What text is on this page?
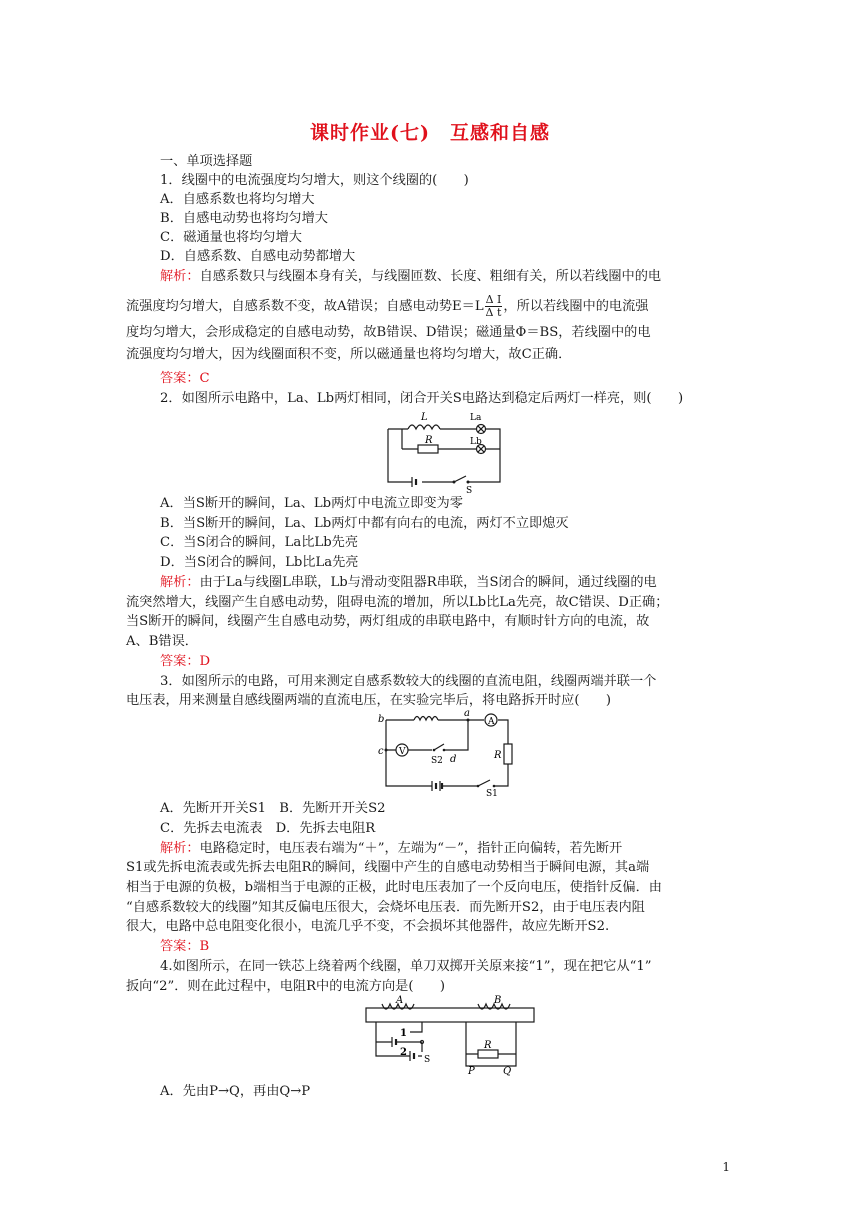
课时作业(七)　互感和自感
一、单项选择题
1．线圈中的电流强度均匀增大，则这个线圈的(　　)
A．自感系数也将均匀增大
B．自感电动势也将均匀增大
C．磁通量也将均匀增大
D．自感系数、自感电动势都增大
解析：自感系数只与线圈本身有关，与线圈匝数、长度、粗细有关，所以若线圈中的电
流强度均匀增大，自感系数不变，故A错误；自感电动势$E=L \frac{\text{Δ I}}{\text{Δ t}}$ ，所以若线圈中的电流强
度均匀增大，会形成稳定的自感电动势，故B错误、D错误；磁通量Φ＝BS，若线圈中的电
流强度均匀增大，因为线圈面积不变，所以磁通量也将均匀增大，故C正确．
答案：C
2．如图所示电路中，La、Lb两灯相同，闭合开关S电路达到稳定后两灯一样亮，则(　　)
L	La
R	Lb
S
A．当S断开的瞬间，La、Lb两灯中电流立即变为零
B．当S断开的瞬间，La、Lb两灯中都有向右的电流，两灯不立即熄灭
C．当S闭合的瞬间，La比Lb先亮
D．当S闭合的瞬间，Lb比La先亮
解析：由于La与线圈L串联，Lb与滑动变阻器R串联，当S闭合的瞬间，通过线圈的电
流突然增大，线圈产生自感电动势，阻碍电流的增加，所以Lb比La先亮，故C错误、D正确；
当S断开的瞬间，线圈产生自感电动势，两灯组成的串联电路中，有顺时针方向的电流，故
A、B错误．
答案：D
3．如图所示的电路，可用来测定自感系数较大的线圈的直流电阻，线圈两端并联一个
电压表，用来测量自感线圈两端的直流电压，在实验完毕后，将电路拆开时应(　　)
A
V
b
a
c
d
S2
S1
R
A．先断开开关S1　B．先断开开关S2
C．先拆去电流表　D．先拆去电阻R
解析：电路稳定时，电压表右端为“＋”，左端为“－”，指针正向偏转，若先断开
S1或先拆电流表或先拆去电阻R的瞬间，线圈中产生的自感电动势相当于瞬间电源，其a端
相当于电源的负极，b端相当于电源的正极，此时电压表加了一个反向电压，使指针反偏．由
“自感系数较大的线圈”知其反偏电压很大，会烧坏电压表．而先断开S2，由于电压表内阻
很大，电路中总电阻变化很小，电流几乎不变，不会损坏其他器件，故应先断开S2.
答案：B
4.如图所示，在同一铁芯上绕着两个线圈，单刀双掷开关原来接“1”，现在把它从“1”
扳向“2”．则在此过程中，电阻R中的电流方向是(　　)
A	B
1
2
S
R
P	Q
A．先由P→Q，再由Q→P
1
